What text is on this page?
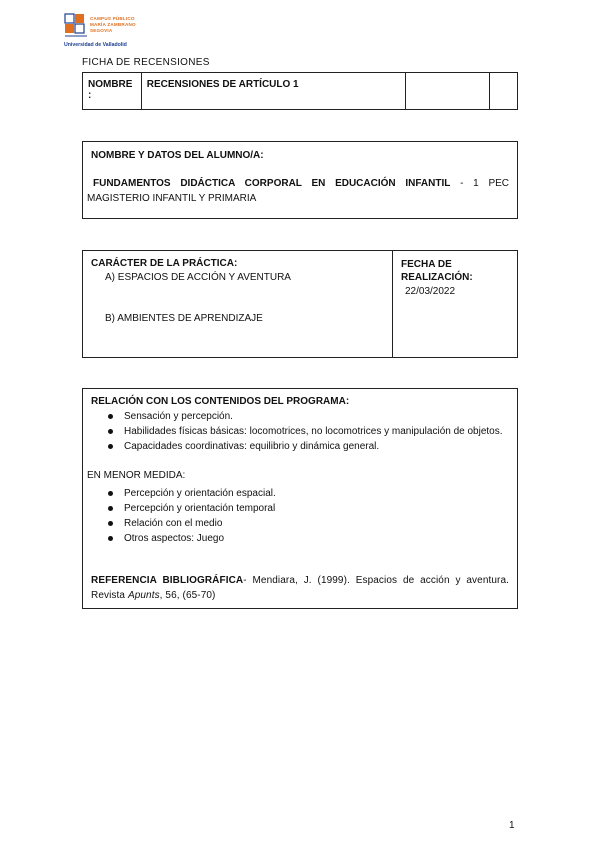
CAMPUS PÚBLICO
MARÍA ZAMBRANO
SEGOVIA
Universidad de Valladolid
FICHA DE RECENSIONES
NOMBRE :
RECENSIONES DE ARTÍCULO 1
NOMBRE Y DATOS DEL ALUMNO/A:
FUNDAMENTOS DIDÁCTICA CORPORAL EN EDUCACIÓN INFANTIL - 1 PEC MAGISTERIO INFANTIL Y PRIMARIA
CARÁCTER DE LA PRÁCTICA:
A) ESPACIOS DE ACCIÓN Y AVENTURA
B) AMBIENTES DE APRENDIZAJE
FECHA DE REALIZACIÓN:
22/03/2022
RELACIÓN CON LOS CONTENIDOS DEL PROGRAMA:
Sensación y percepción.
Habilidades físicas básicas: locomotrices, no locomotrices y manipulación de objetos.
Capacidades coordinativas: equilibrio y dinámica general.
EN MENOR MEDIDA:
Percepción y orientación espacial.
Percepción y orientación temporal
Relación con el medio
Otros aspectos: Juego
REFERENCIA BIBLIOGRÁFICA- Mendiara, J. (1999). Espacios de acción y aventura. Revista Apunts, 56, (65-70)
1
